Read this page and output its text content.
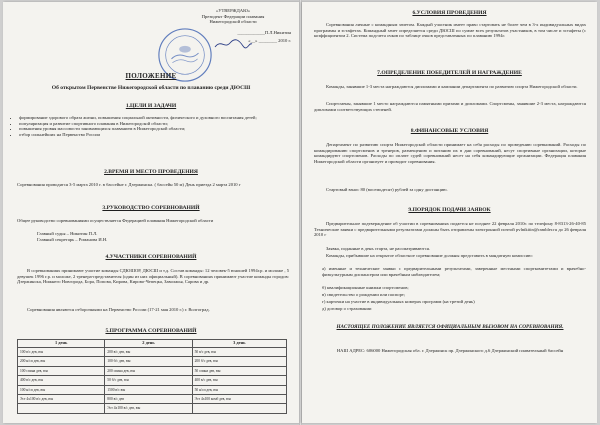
«УТВЕРЖДАЮ»
Президент Федерации плавания
Нижегородской области
____________П.Л.Никитин
«__» ________ 2010 г.
ПОЛОЖЕНИЕ
Об открытом Первенстве Нижегородской области по плаванию среди ДЮСШ
1.ЦЕЛИ И ЗАДАЧИ
• формирование здорового образа жизни, повышения социальной активности, физического и духовного воспитания детей;
• популяризация и развитие спортивного плавания в Нижегородской области;
• повышения уровня массовости занимающихся плаванием в Нижегородской области;
• отбор сильнейших на Первенство России
2.ВРЕМЯ И МЕСТО ПРОВЕДЕНИЯ
Соревнования проводятся 3-5 марта 2010 г. в бассейне г. Дзержинска. ( бассейн 50 м) День приезда 2 марта 2010 г
3.РУКОВОДСТВО СОРЕВНОВАНИЙ
Общее руководство соревнованиями осуществляется Федерацией плавания Нижегородской области
Главный судья – Никитин П.Л.
Главный секретарь – Романова И.Н.
4.УЧАСТНИКИ СОРЕВНОВАНИЙ
В соревнованиях принимают участие команды СДЮШОР, ДЮСШ и т.д. Состав команды: 12 человек-5 юношей 1994г.р. и моложе , 5 девушек 1996 г.р. и моложе, 2 тренера-представителя (один из них официальный). В соревнованиях принимают участие команды городов: Дзержинска, Нижнего Новгорода, Бора, Попова, Кирова, Кирово-Чепецка, Заволжья, Сарова и др.
Соревнования являются отборочными на Первенство России (17-21 мая 2010 г.) г. Волгоград.
5.ПРОГРАММА СОРЕВНОВАНИЙ
1 день	2 день	3 день
100 в/с дев, юн	200 в/с дев, юн	50 в/с дев, юн
200 н/сп дев, юн	100 б/с дев, юн	200 б/с дев, юн
100 спина дев, юн	200 спина дев, юн	50 спина дев, юн
400 в/с дев, юн	50 б/с дев, юн	400 в/с дев, юн
100 н/сп дев, юн	1500 в/с юн	50 н/сп дев, юн
Эст 4х100 в/с дев, юн	800 в/с дев	Эст 4х100 комб дев, юн
	Эст 4х100 в/с дев, юн	
6.УСЛОВИЯ ПРОВЕДЕНИЯ
Соревнования личные с командным зачетом. Каждый участник имеет право стартовать не более чем в 3-х индивидуальных видах программы и эстафетах. Командный зачет определяется среди ДЮСШ по сумме всех результатов участников, в том числе и эстафеты (с коэффициентом 2. Система подсчета очков по таблице очков представленных по плаванию 1994г.
7.ОПРЕДЕЛЕНИЕ ПОБЕДИТЕЛЕЙ И НАГРАЖДЕНИЕ
Команды, занявшие 1-3 места награждаются дипломами и кампании департамента по развитию спорта Нижегородской области.
Спортсмены, занявшие 1 место награждаются памятными призами и дипломами. Спортсмены, занявшие 2-3 места, награждаются дипломами соответствующих степеней.
8.ФИНАНСОВЫЕ УСЛОВИЯ
Департамент по развитию спорта Нижегородской области принимает на себя расходы по проведению соревнований. Расходы по командированию спортсменов и тренеров, размещению и питанию их в дни соревнований, несут спортивные организации, которые командируют спортсменов. Расходы по оплате судей соревнований несет на себя командирующие организации. Федерация плавания Нижегородской области организует и проводит соревнования.
Стартовый взнос 80 (восемьдесят) рублей за одну дистанцию.
9.ПОРЯДОК ПОДАЧИ ЗАЯВОК
Предварительное подтверждение об участии в соревнованиях подается не позднее 22 февраля 2010г. по телефону 8-8313-26-40-85 Технические заявки с предварительными результатами должны быть отправлены электронной почтой pvlnikitin@rambler.ru до 26 февраля 2010 г
Заявка, поданные в день старта, не рассматриваются.
Команды, прибывшие на открытое областное соревнование должны представить в мандатную комиссию:
а) именные и технические заявки с предварительными результатами, заверенные местными спорткомитетами и врачебно-физкультурным диспансером или врачебным наблюдателем;
б) квалификационные книжки спортсменов;
в) свидетельство о рождении или паспорт;
г) карточки на участие в индивидуальных номерах программ (на третий день)
д) договор о страховании
НАСТОЯЩЕЕ ПОЛОЖЕНИЕ ЯВЛЯЕТСЯ ОФИЦИАЛЬНЫМ ВЫЗОВОМ НА СОРЕВНОВАНИЯ.
НАШ АДРЕС: 606000 Нижегородская обл. г. Дзержинск пр. Дзержинского д.6 Дзержинский плавательный бассейн
